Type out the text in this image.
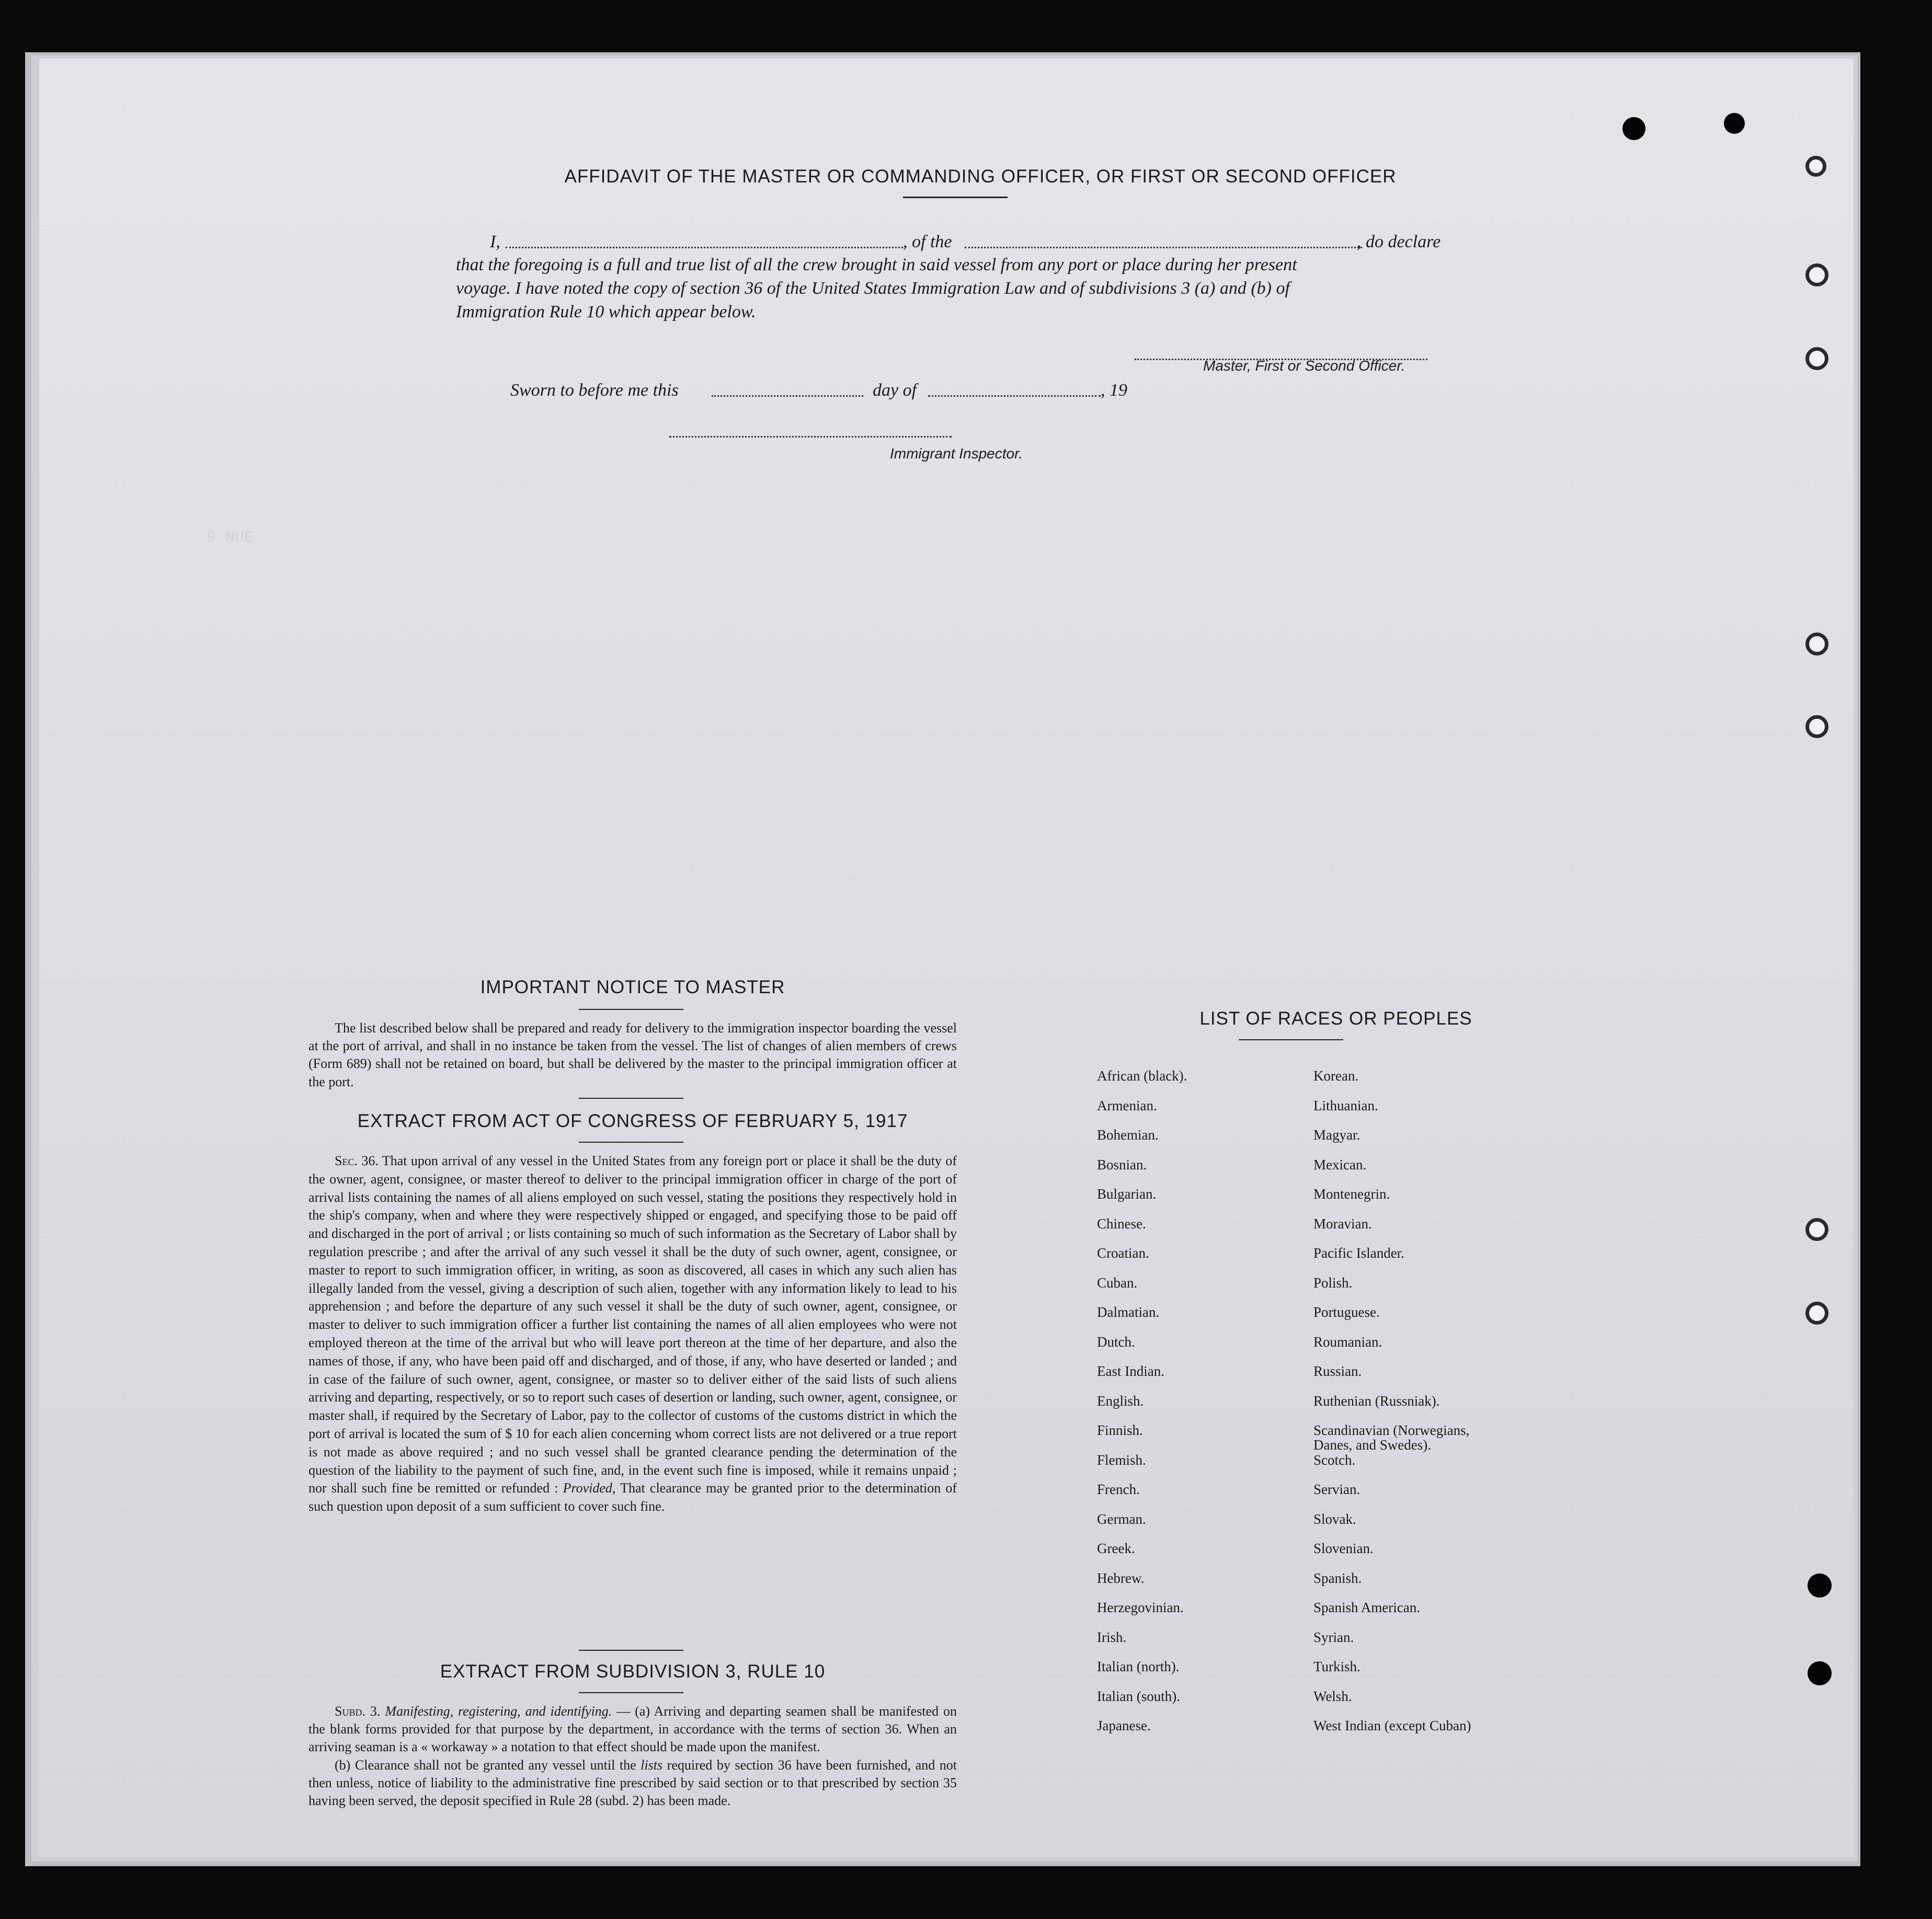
9 NUE
AFFIDAVIT OF THE MASTER OR COMMANDING OFFICER, OR FIRST OR SECOND OFFICER
I,	, of the	, do declare
that the foregoing is a full and true list of all the crew brought in said vessel from any port or place during her present
voyage. I have noted the copy of section 36 of the United States Immigration Law and of subdivisions 3 (a) and (b) of
Immigration Rule 10 which appear below.
Master, First or Second Officer.
Sworn to before me this	day of	, 19
Immigrant Inspector.
IMPORTANT NOTICE TO MASTER

The list described below shall be prepared and ready for delivery to the immigration inspector boarding the vessel at the port of arrival, and shall in no instance be taken from the vessel. The list of changes of alien members of crews (Form 689) shall not be retained on board, but shall be delivered by the master to the principal immigration officer at the port.

EXTRACT FROM ACT OF CONGRESS OF FEBRUARY 5, 1917

Sec. 36. That upon arrival of any vessel in the United States from any foreign port or place it shall be the duty of the owner, agent, consignee, or master thereof to deliver to the principal immigration officer in charge of the port of arrival lists containing the names of all aliens employed on such vessel, stating the positions they respectively hold in the ship's company, when and where they were respectively shipped or engaged, and specifying those to be paid off and discharged in the port of arrival ; or lists containing so much of such information as the Secretary of Labor shall by regulation prescribe ; and after the arrival of any such vessel it shall be the duty of such owner, agent, consignee, or master to report to such immigration officer, in writing, as soon as discovered, all cases in which any such alien has illegally landed from the vessel, giving a description of such alien, together with any information likely to lead to his apprehension ; and before the departure of any such vessel it shall be the duty of such owner, agent, consignee, or master to deliver to such immigration officer a further list containing the names of all alien employees who were not employed thereon at the time of the arrival but who will leave port thereon at the time of her departure, and also the names of those, if any, who have been paid off and discharged, and of those, if any, who have deserted or landed ; and in case of the failure of such owner, agent, consignee, or master so to deliver either of the said lists of such aliens arriving and departing, respectively, or so to report such cases of desertion or landing, such owner, agent, consignee, or master shall, if required by the Secretary of Labor, pay to the collector of customs of the customs district in which the port of arrival is located the sum of $ 10 for each alien concerning whom correct lists are not delivered or a true report is not made as above required ; and no such vessel shall be granted clearance pending the determination of the question of the liability to the payment of such fine, and, in the event such fine is imposed, while it remains unpaid ; nor shall such fine be remitted or refunded : Provided, That clearance may be granted prior to the determination of such question upon deposit of a sum sufficient to cover such fine.

EXTRACT FROM SUBDIVISION 3, RULE 10

Subd. 3. Manifesting, registering, and identifying. — (a) Arriving and departing seamen shall be manifested on the blank forms provided for that purpose by the department, in accordance with the terms of section 36. When an arriving seaman is a « workaway » a notation to that effect should be made upon the manifest.

(b) Clearance shall not be granted any vessel until the lists required by section 36 have been furnished, and not then unless, notice of liability to the administrative fine prescribed by said section or to that prescribed by section 35 having been served, the deposit specified in Rule 28 (subd. 2) has been made.

LIST OF RACES OR PEOPLES
African (black).
Armenian.
Bohemian.
Bosnian.
Bulgarian.
Chinese.
Croatian.
Cuban.
Dalmatian.
Dutch.
East Indian.
English.
Finnish.
Flemish.
French.
German.
Greek.
Hebrew.
Herzegovinian.
Irish.
Italian (north).
Italian (south).
Japanese.
Korean.
Lithuanian.
Magyar.
Mexican.
Montenegrin.
Moravian.
Pacific Islander.
Polish.
Portuguese.
Roumanian.
Russian.
Ruthenian (Russniak).
Scandinavian (Norwegians,
Danes, and Swedes).
Scotch.
Servian.
Slovak.
Slovenian.
Spanish.
Spanish American.
Syrian.
Turkish.
Welsh.
West Indian (except Cuban)
